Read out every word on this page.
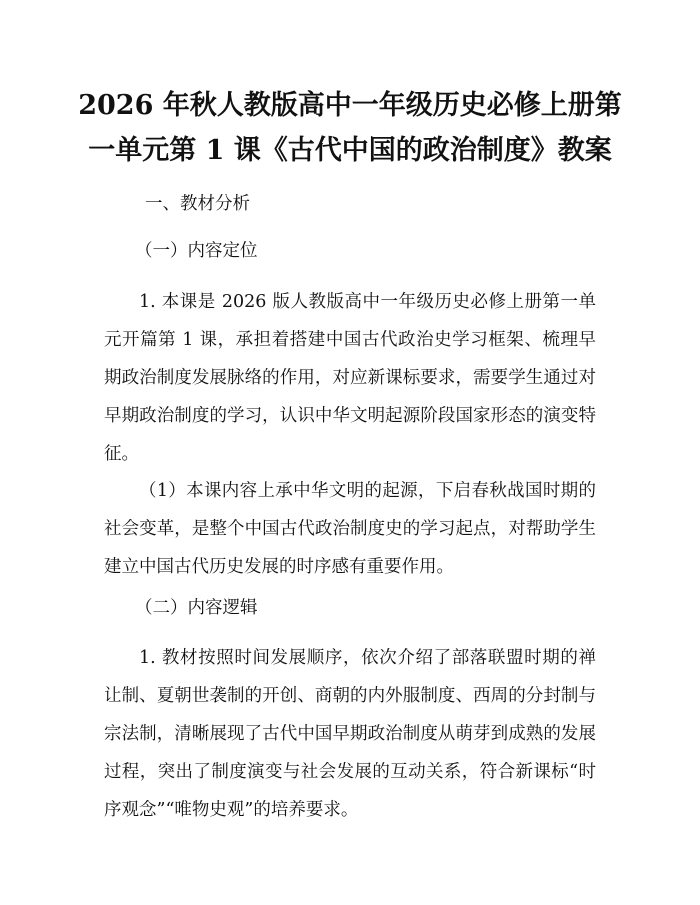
2026 年秋人教版高中一年级历史必修上册第
一单元第 1 课《古代中国的政治制度》教案

一、教材分析

（一）内容定位

1. 本课是 2026 版人教版高中一年级历史必修上册第一单元开篇第 1 课，承担着搭建中国古代政治史学习框架、梳理早期政治制度发展脉络的作用，对应新课标要求，需要学生通过对早期政治制度的学习，认识中华文明起源阶段国家形态的演变特征。

（1）本课内容上承中华文明的起源，下启春秋战国时期的社会变革，是整个中国古代政治制度史的学习起点，对帮助学生建立中国古代历史发展的时序感有重要作用。

（二）内容逻辑

1. 教材按照时间发展顺序，依次介绍了部落联盟时期的禅让制、夏朝世袭制的开创、商朝的内外服制度、西周的分封制与宗法制，清晰展现了古代中国早期政治制度从萌芽到成熟的发展过程，突出了制度演变与社会发展的互动关系，符合新课标“时序观念”“唯物史观”的培养要求。
